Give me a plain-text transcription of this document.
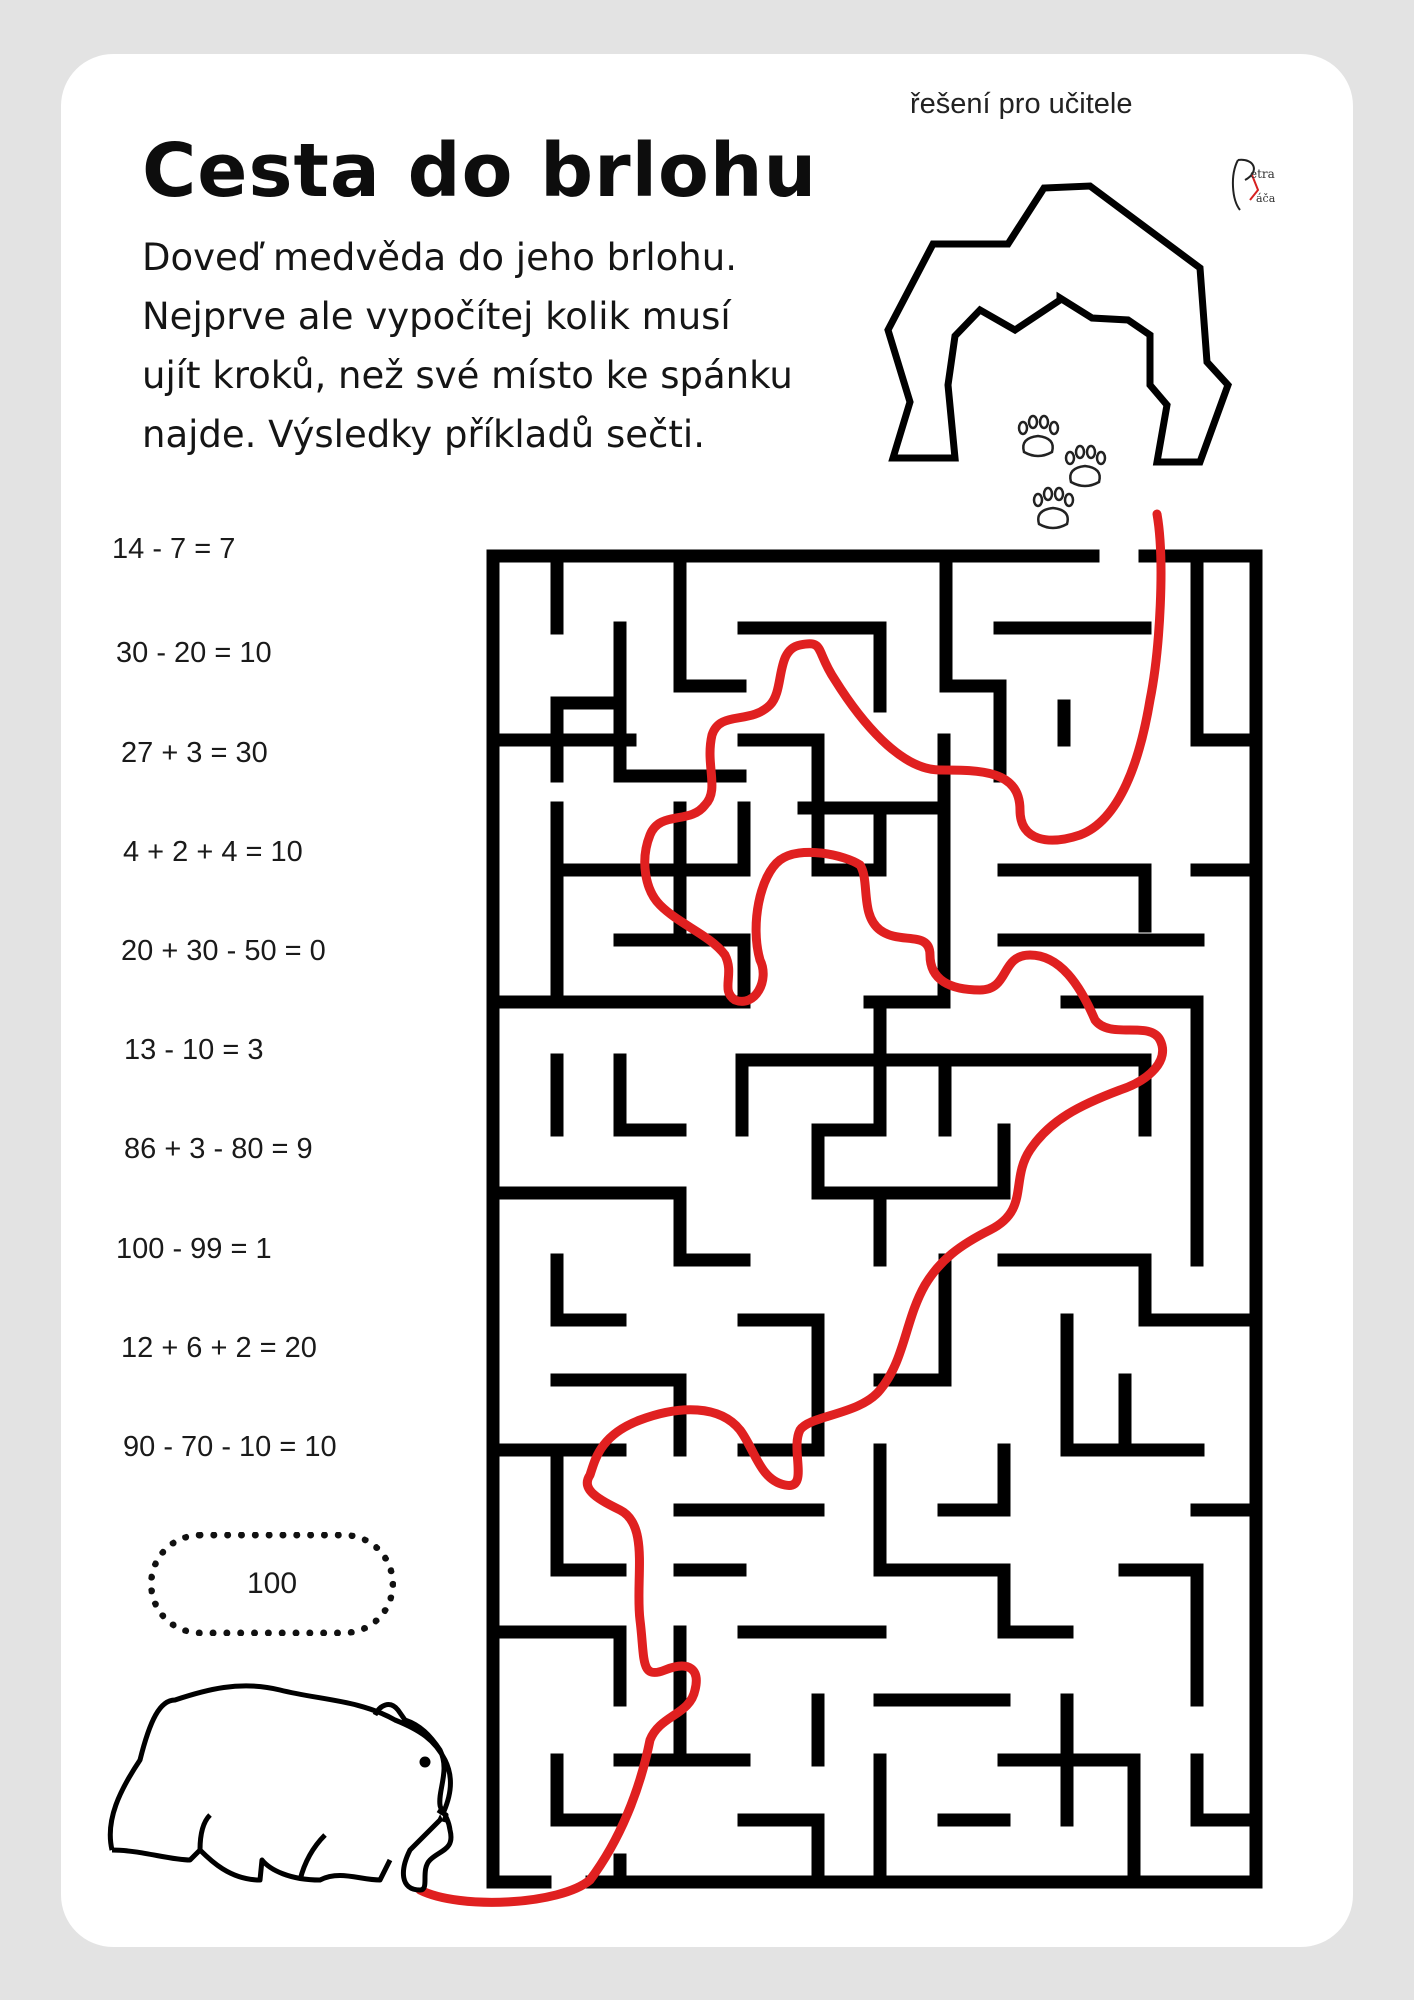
řešení pro učitele
Cesta do brlohu
Doveď medvěda do jeho brlohu.
Nejprve ale vypočítej kolik musí
ujít kroků, než své místo ke spánku
najde. Výsledky příkladů sečti.
14 - 7 = 7
30 - 20 = 10
27 + 3 = 30
4 + 2 + 4 = 10
20 + 30 - 50 = 0
13 - 10 = 3
86 + 3 - 80 = 9
100 - 99 = 1
12 + 6 + 2 = 20
90 - 70 - 10 = 10
100
etra
áča
